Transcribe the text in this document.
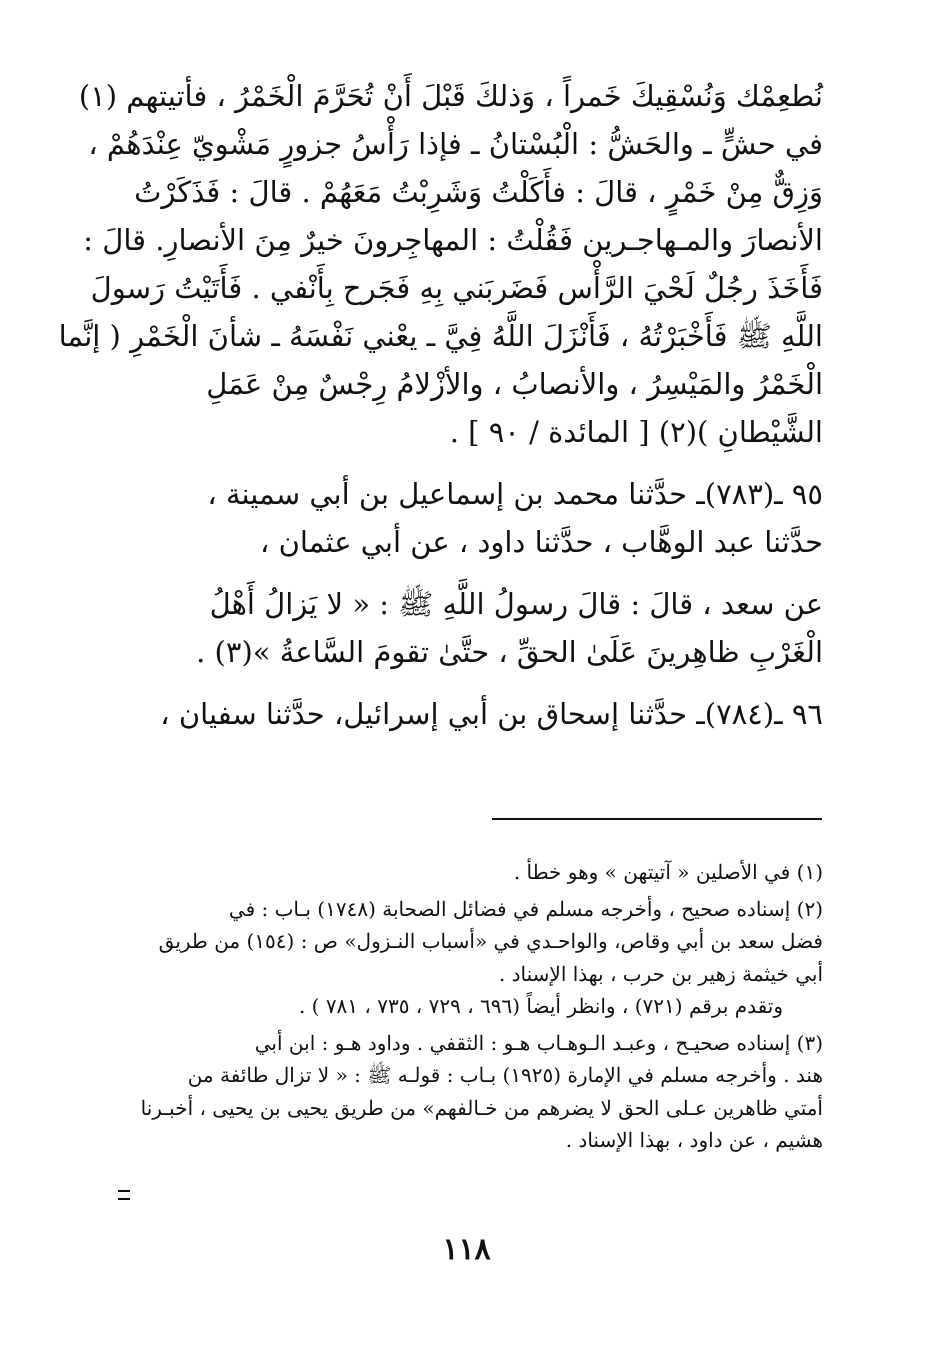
نُطعِمْك وَنُسْقِيكَ خَمراً ، وَذلكَ قَبْلَ أَنْ تُحَرَّمَ الْخَمْرُ ، فأتيتهم (١)
في حشٍّ ـ والحَشُّ : الْبُسْتانُ ـ فإذا رَأْسُ جزورٍ مَشْويّ عِنْدَهُمْ ،
وَزِقٌّ مِنْ خَمْرٍ ، قالَ : فأَكَلْتُ وَشَرِبْتُ مَعَهُمْ . قالَ : فَذَكَرْتُ
الأنصارَ والمـهاجـرين فَقُلْتُ : المهاجِرونَ خيرٌ مِنَ الأنصارِ. قالَ :
فَأَخَذَ رجُلٌ لَحْيَ الرَّأْس فَضَربَني بِهِ فَجَرح بِأَنْفي . فَأَتَيْتُ رَسولَ
اللَّهِ ﷺ فَأَخْبَرْتُهُ ، فَأَنْزَلَ اللَّهُ فِيَّ ـ يعْني نَفْسَهُ ـ شأنَ الْخَمْرِ ( إنَّما
الْخَمْرُ والمَيْسِرُ ، والأنصابُ ، والأزْلامُ رِجْسٌ مِنْ عَمَلِ
الشَّيْطانِ )(٢) [ المائدة / ٩٠ ] .
٩٥ ـ(٧٨٣)ـ حدَّثنا محمد بن إسماعيل بن أبي سمينة ،
حدَّثنا عبد الوهَّاب ، حدَّثنا داود ، عن أبي عثمان ،
عن سعد ، قالَ : قالَ رسولُ اللَّهِ ﷺ : « لا يَزالُ أَهْلُ
الْغَرْبِ ظاهِرينَ عَلَىٰ الحقِّ ، حتَّىٰ تقومَ السَّاعةُ »(٣) .
٩٦ ـ(٧٨٤)ـ حدَّثنا إسحاق بن أبي إسرائيل، حدَّثنا سفيان ،
(١) في الأصلين « آتيتهن » وهو خطأ .
(٢) إسناده صحيح ، وأخرجه مسلم في فضائل الصحابة (١٧٤٨) بـاب : في
فضل سعد بن أبي وقاص، والواحـدي في «أسباب النـزول» ص : (١٥٤) من طريق
أبي خيثمة زهير بن حرب ، بهذا الإسناد .
وتقدم برقم (٧٢١) ، وانظر أيضاً (٦٩٦ ، ٧٢٩ ، ٧٣٥ ، ٧٨١ ) .
(٣) إسناده صحيـح ، وعبـد الـوهـاب هـو : الثقفي . وداود هـو : ابن أبي
هند . وأخرجه مسلم في الإمارة (١٩٢٥) بـاب : قولـه ﷺ : « لا تزال طائفة من
أمتي ظاهرين عـلى الحق لا يضرهم من خـالفهم» من طريق يحيى بن يحيى ، أخبـرنا
هشيم ، عن داود ، بهذا الإسناد .
١١٨
